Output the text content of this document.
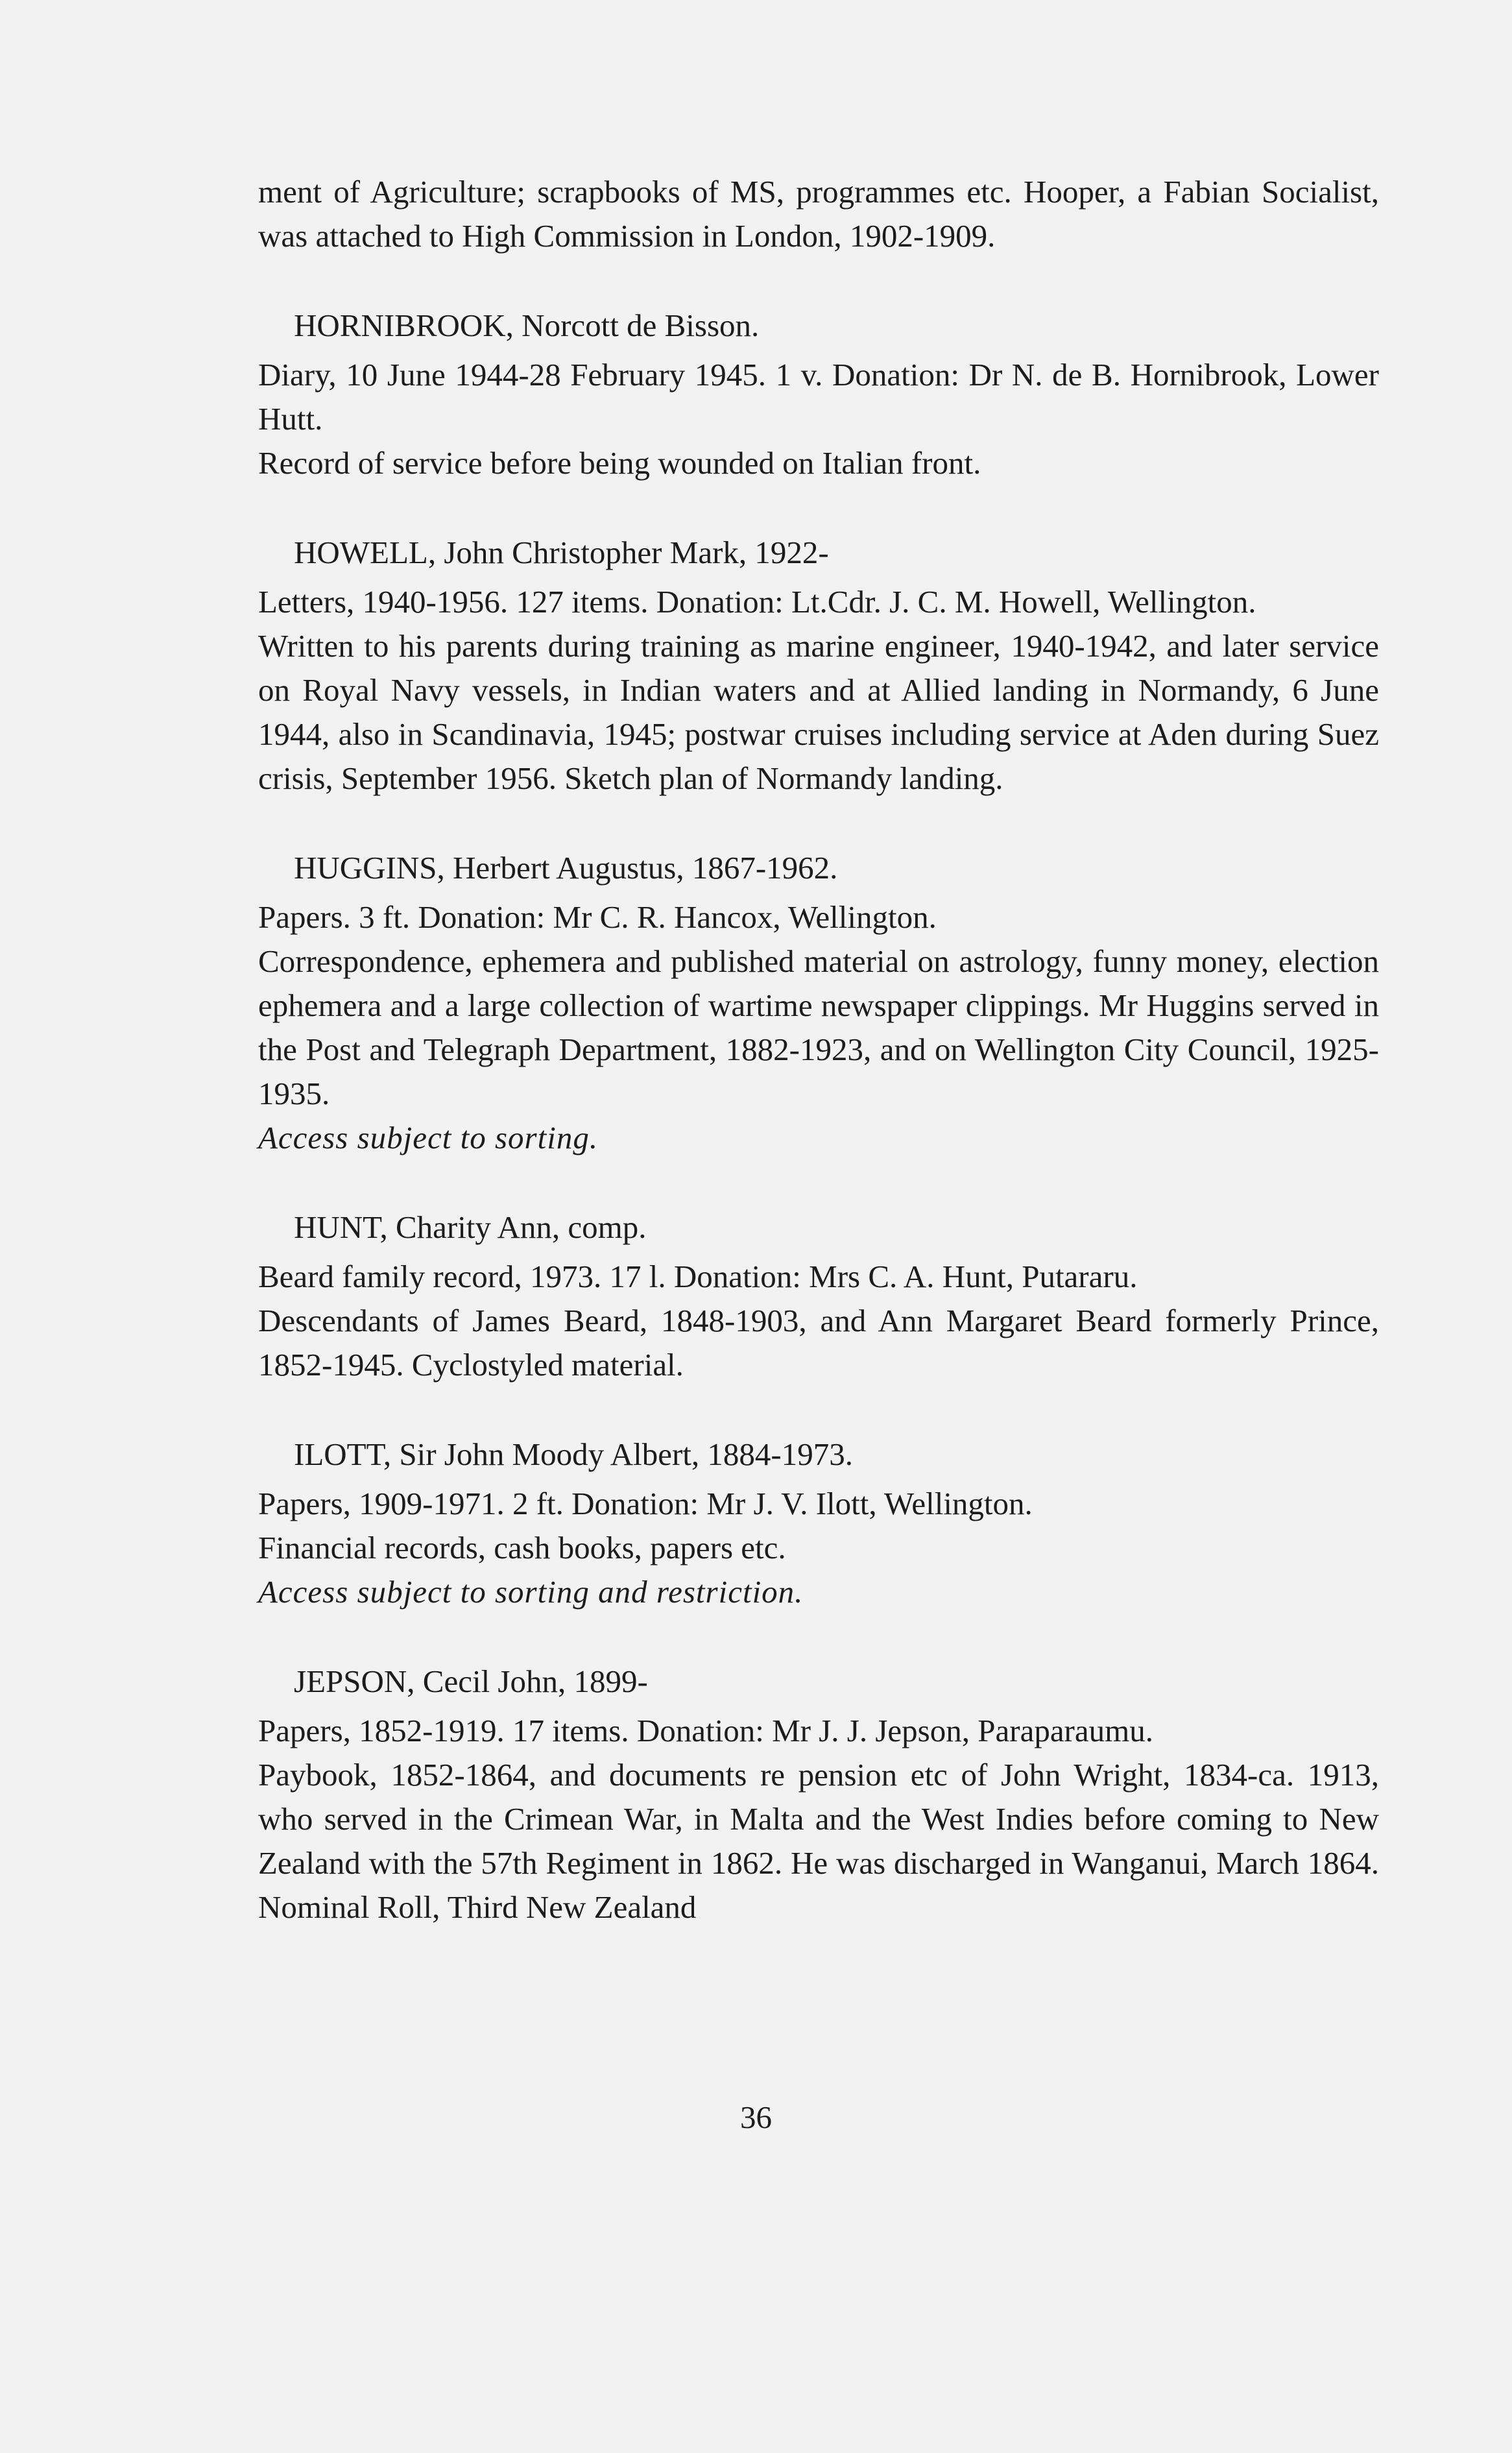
ment of Agriculture; scrapbooks of MS, programmes etc. Hooper, a Fabian Socialist, was attached to High Commission in London, 1902-1909.
HORNIBROOK, Norcott de Bisson.
Diary, 10 June 1944-28 February 1945. 1 v. Donation: Dr N. de B. Hornibrook, Lower Hutt.
Record of service before being wounded on Italian front.
HOWELL, John Christopher Mark, 1922-
Letters, 1940-1956. 127 items. Donation: Lt.Cdr. J. C. M. Howell, Wellington.
Written to his parents during training as marine engineer, 1940-1942, and later service on Royal Navy vessels, in Indian waters and at Allied landing in Normandy, 6 June 1944, also in Scandinavia, 1945; postwar cruises including service at Aden during Suez crisis, September 1956. Sketch plan of Normandy landing.
HUGGINS, Herbert Augustus, 1867-1962.
Papers. 3 ft. Donation: Mr C. R. Hancox, Wellington.
Correspondence, ephemera and published material on astrology, funny money, election ephemera and a large collection of wartime newspaper clippings. Mr Huggins served in the Post and Telegraph Department, 1882-1923, and on Wellington City Council, 1925-1935.
Access subject to sorting.
HUNT, Charity Ann, comp.
Beard family record, 1973. 17 l. Donation: Mrs C. A. Hunt, Putararu.
Descendants of James Beard, 1848-1903, and Ann Margaret Beard formerly Prince, 1852-1945. Cyclostyled material.
ILOTT, Sir John Moody Albert, 1884-1973.
Papers, 1909-1971. 2 ft. Donation: Mr J. V. Ilott, Wellington.
Financial records, cash books, papers etc.
Access subject to sorting and restriction.
JEPSON, Cecil John, 1899-
Papers, 1852-1919. 17 items. Donation: Mr J. J. Jepson, Paraparaumu.
Paybook, 1852-1864, and documents re pension etc of John Wright, 1834-ca. 1913, who served in the Crimean War, in Malta and the West Indies before coming to New Zealand with the 57th Regiment in 1862. He was discharged in Wanganui, March 1864. Nominal Roll, Third New Zealand
36
